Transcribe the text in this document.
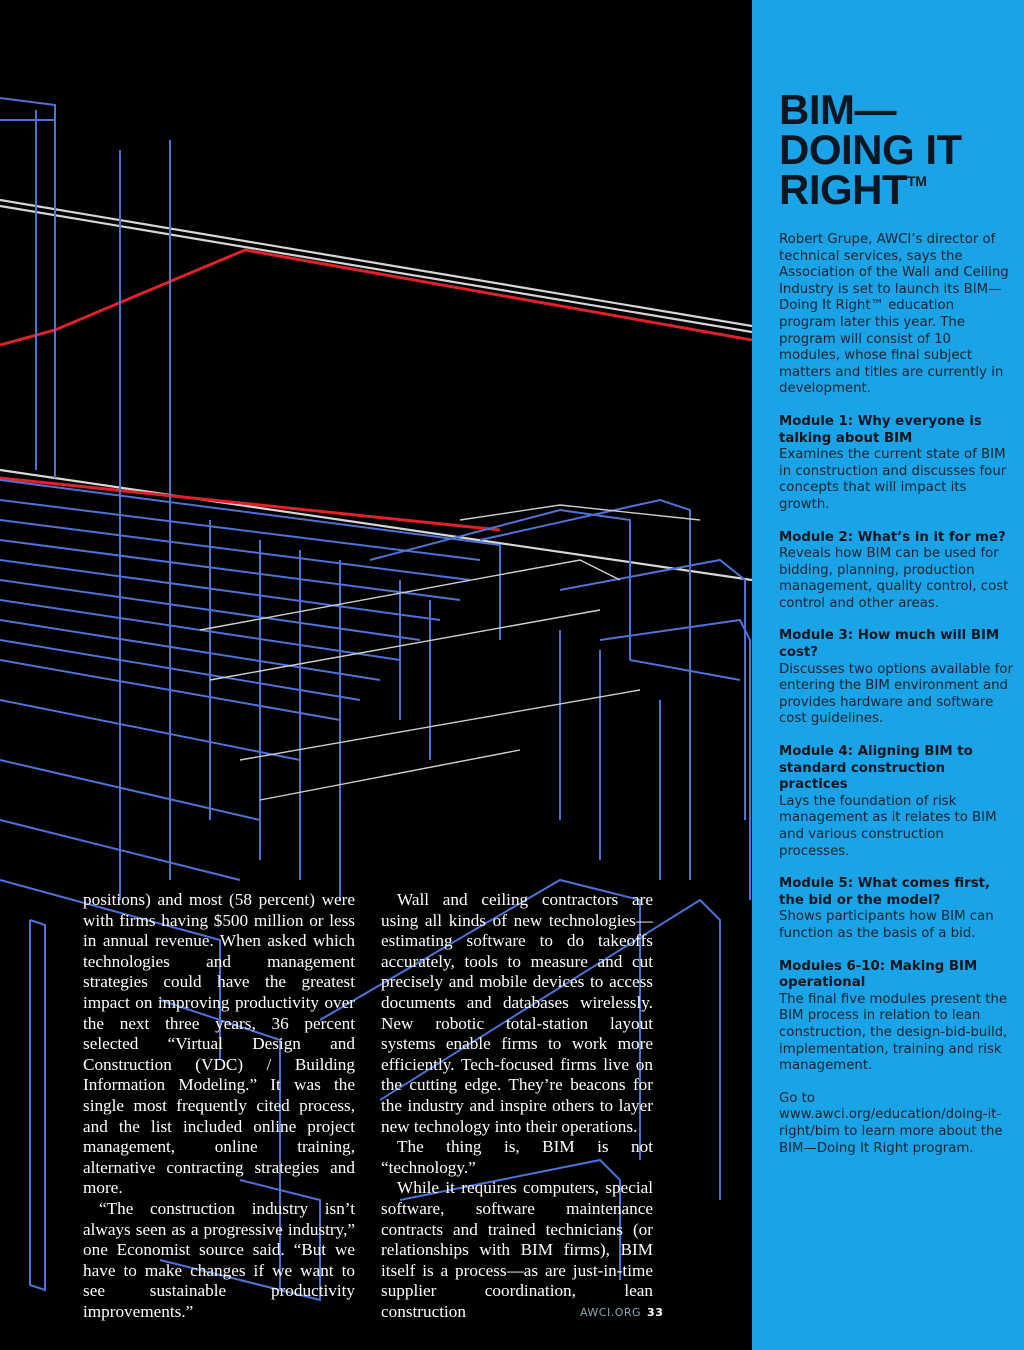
positions) and most (58 percent) were with firms having $500 million or less in annual revenue. When asked which technologies and management strategies could have the greatest impact on improving productivity over the next three years, 36 percent selected “Virtual Design and Construction (VDC) / Building Information Modeling.” It was the single most frequently cited process, and the list included online project management, online training, alternative contracting strategies and more.

“The construction industry isn’t always seen as a progressive industry,” one Economist source said. “But we have to make changes if we want to see sustainable productivity improvements.”

Wall and ceiling contractors are using all kinds of new technologies—estimating software to do takeoffs accurately, tools to measure and cut precisely and mobile devices to access documents and databases wirelessly. New robotic total-station layout systems enable firms to work more efficiently. Tech-focused firms live on the cutting edge. They’re beacons for the industry and inspire others to layer new technology into their operations.

The thing is, BIM is not “technology.”

While it requires computers, special software, software maintenance contracts and trained technicians (or relationships with BIM firms), BIM itself is a process—as are just-in-time supplier coordination, lean construction	AWCI.ORG 33
BIM—
DOING IT
RIGHT™
Robert Grupe, AWCI’s director of technical services, says the Association of the Wall and Ceiling Industry is set to launch its BIM—Doing It Right™ education program later this year. The program will consist of 10 modules, whose final subject matters and titles are currently in development.
Module 1: Why everyone is talking about BIM
Examines the current state of BIM in construction and discusses four concepts that will impact its growth.
Module 2: What’s in it for me?
Reveals how BIM can be used for bidding, planning, production management, quality control, cost control and other areas.
Module 3: How much will BIM cost?
Discusses two options available for entering the BIM environment and provides hardware and software cost guidelines.
Module 4: Aligning BIM to standard construction practices
Lays the foundation of risk management as it relates to BIM and various construction processes.
Module 5: What comes first, the bid or the model?
Shows participants how BIM can function as the basis of a bid.
Modules 6-10: Making BIM operational
The final five modules present the BIM process in relation to lean construction, the design-bid-build, implementation, training and risk management.
Go to www.awci.org/education/doing-it-right/bim to learn more about the BIM—Doing It Right program.
